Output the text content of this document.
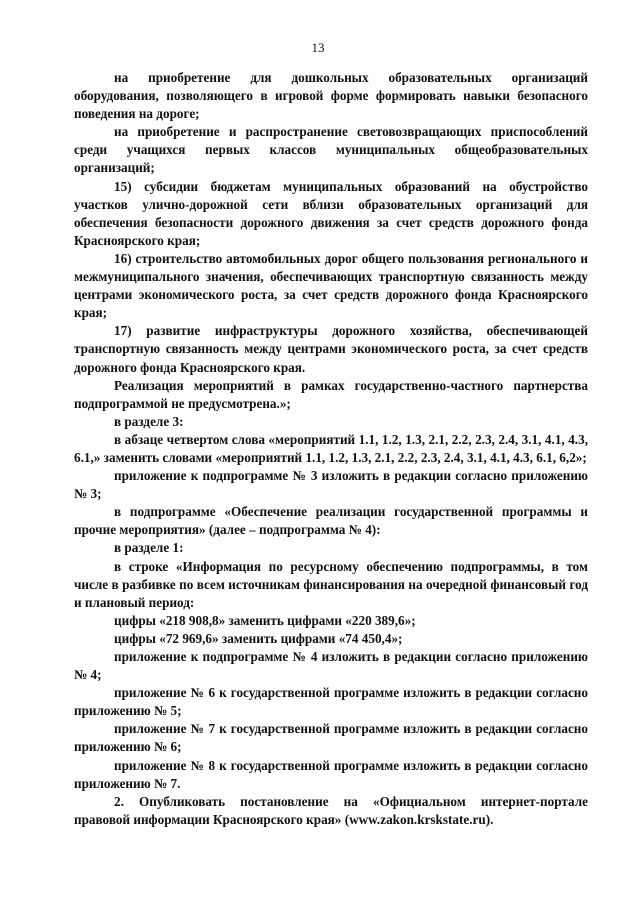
13

на приобретение для дошкольных образовательных организаций оборудования, позволяющего в игровой форме формировать навыки безопасного поведения на дороге;

на приобретение и распространение световозвращающих приспособлений среди учащихся первых классов муниципальных общеобразовательных организаций;

15) субсидии бюджетам муниципальных образований на обустройство участков улично-дорожной сети вблизи образовательных организаций для обеспечения безопасности дорожного движения за счет средств дорожного фонда Красноярского края;

16) строительство автомобильных дорог общего пользования регионального и межмуниципального значения, обеспечивающих транспортную связанность между центрами экономического роста, за счет средств дорожного фонда Красноярского края;

17) развитие инфраструктуры дорожного хозяйства, обеспечивающей транспортную связанность между центрами экономического роста, за счет средств дорожного фонда Красноярского края.

Реализация мероприятий в рамках государственно-частного партнерства подпрограммой не предусмотрена.»;

в разделе 3:

в абзаце четвертом слова «мероприятий 1.1, 1.2, 1.3, 2.1, 2.2, 2.3, 2.4, 3.1, 4.1, 4.3, 6.1,» заменить словами «мероприятий 1.1, 1.2, 1.3, 2.1, 2.2, 2.3, 2.4, 3.1, 4.1, 4.3, 6.1, 6,2»;

приложение к подпрограмме № 3 изложить в редакции согласно приложению № 3;

в подпрограмме «Обеспечение реализации государственной программы и прочие мероприятия» (далее – подпрограмма № 4):

в разделе 1:

в строке «Информация по ресурсному обеспечению подпрограммы, в том числе в разбивке по всем источникам финансирования на очередной финансовый год и плановый период:

цифры «218 908,8» заменить цифрами «220 389,6»;

цифры «72 969,6» заменить цифрами «74 450,4»;

приложение к подпрограмме № 4 изложить в редакции согласно приложению № 4;

приложение № 6 к государственной программе изложить в редакции согласно приложению № 5;

приложение № 7 к государственной программе изложить в редакции согласно приложению № 6;

приложение № 8 к государственной программе изложить в редакции согласно приложению № 7.

2. Опубликовать постановление на «Официальном интернет-портале правовой информации Красноярского края» (www.zakon.krskstate.ru).
